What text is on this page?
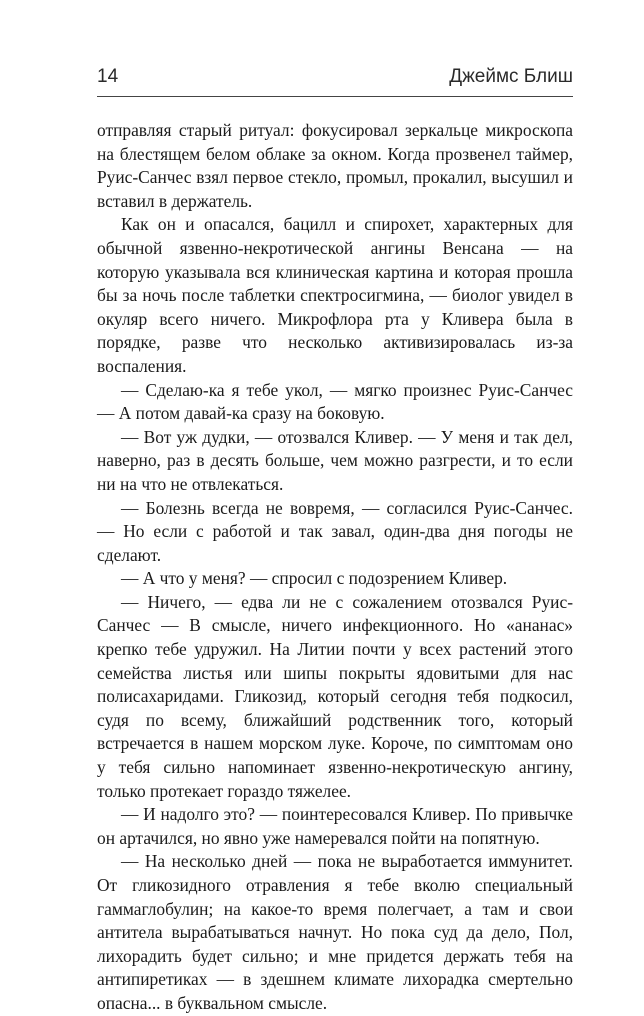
14	Джеймс Блиш

отправляя старый ритуал: фокусировал зеркальце микроскопа на блестящем белом облаке за окном. Когда прозвенел таймер, Руис-Санчес взял первое стекло, промыл, прокалил, высушил и вставил в держатель.

Как он и опасался, бацилл и спирохет, характерных для обычной язвенно-некротической ангины Венсана — на которую указывала вся клиническая картина и которая прошла бы за ночь после таблетки спектросигмина, — биолог увидел в окуляр всего ничего. Микрофлора рта у Кливера была в порядке, разве что несколько активизировалась из-за воспаления.

— Сделаю-ка я тебе укол, — мягко произнес Руис-Санчес — А потом давай-ка сразу на боковую.

— Вот уж дудки, — отозвался Кливер. — У меня и так дел, наверно, раз в десять больше, чем можно разгрести, и то если ни на что не отвлекаться.

— Болезнь всегда не вовремя, — согласился Руис-Санчес. — Но если с работой и так завал, один-два дня погоды не сделают.

— А что у меня? — спросил с подозрением Кливер.

— Ничего, — едва ли не с сожалением отозвался Руис-Санчес — В смысле, ничего инфекционного. Но «ананас» крепко тебе удружил. На Литии почти у всех растений этого семейства листья или шипы покрыты ядовитыми для нас полисахаридами. Гликозид, который сегодня тебя подкосил, судя по всему, ближайший родственник того, который встречается в нашем морском луке. Короче, по симптомам оно у тебя сильно напоминает язвенно-некротическую ангину, только протекает гораздо тяжелее.

— И надолго это? — поинтересовался Кливер. По привычке он артачился, но явно уже намеревался пойти на попятную.

— На несколько дней — пока не выработается иммунитет. От гликозидного отравления я тебе вколю специальный гаммаглобулин; на какое-то время полегчает, а там и свои антитела вырабатываться начнут. Но пока суд да дело, Пол, лихорадить будет сильно; и мне придется держать тебя на антипиретиках — в здешнем климате лихорадка смертельно опасна... в буквальном смысле.
